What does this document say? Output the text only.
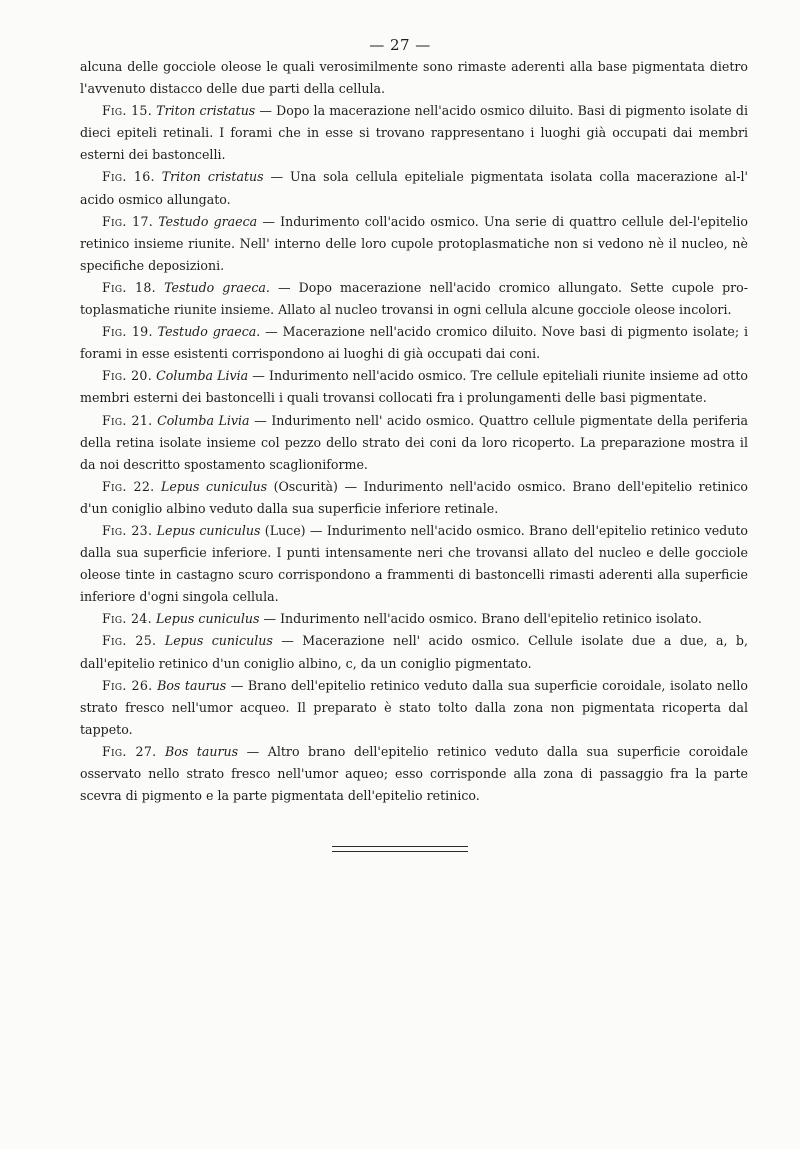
— 27 —

alcuna delle gocciole oleose le quali verosimilmente sono rimaste aderenti alla base pigmentata dietro l'avvenuto distacco delle due parti della cellula.

Fig. 15. Triton cristatus — Dopo la macerazione nell'acido osmico diluito. Basi di pigmento isolate di dieci epiteli retinali. I forami che in esse si trovano rappresentano i luoghi già occupati dai membri esterni dei bastoncelli.

Fig. 16. Triton cristatus — Una sola cellula epiteliale pigmentata isolata colla macerazione al-l' acido osmico allungato.

Fig. 17. Testudo graeca — Indurimento coll'acido osmico. Una serie di quattro cellule del-l'epitelio retinico insieme riunite. Nell' interno delle loro cupole protoplasmatiche non si vedono nè il nucleo, nè specifiche deposizioni.

Fig. 18. Testudo graeca. — Dopo macerazione nell'acido cromico allungato. Sette cupole pro-toplasmatiche riunite insieme. Allato al nucleo trovansi in ogni cellula alcune gocciole oleose incolori.

Fig. 19. Testudo graeca. — Macerazione nell'acido cromico diluito. Nove basi di pigmento isolate; i forami in esse esistenti corrispondono ai luoghi di già occupati dai coni.

Fig. 20. Columba Livia — Indurimento nell'acido osmico. Tre cellule epiteliali riunite insieme ad otto membri esterni dei bastoncelli i quali trovansi collocati fra i prolungamenti delle basi pigmentate.

Fig. 21. Columba Livia — Indurimento nell' acido osmico. Quattro cellule pigmentate della periferia della retina isolate insieme col pezzo dello strato dei coni da loro ricoperto. La preparazione mostra il da noi descritto spostamento scaglioniforme.

Fig. 22. Lepus cuniculus (Oscurità) — Indurimento nell'acido osmico. Brano dell'epitelio retinico d'un coniglio albino veduto dalla sua superficie inferiore retinale.

Fig. 23. Lepus cuniculus (Luce) — Indurimento nell'acido osmico. Brano dell'epitelio retinico veduto dalla sua superficie inferiore. I punti intensamente neri che trovansi allato del nucleo e delle gocciole oleose tinte in castagno scuro corrispondono a frammenti di bastoncelli rimasti aderenti alla superficie inferiore d'ogni singola cellula.

Fig. 24. Lepus cuniculus — Indurimento nell'acido osmico. Brano dell'epitelio retinico isolato.

Fig. 25. Lepus cuniculus — Macerazione nell' acido osmico. Cellule isolate due a due, a, b, dall'epitelio retinico d'un coniglio albino, c, da un coniglio pigmentato.

Fig. 26. Bos taurus — Brano dell'epitelio retinico veduto dalla sua superficie coroidale, isolato nello strato fresco nell'umor acqueo. Il preparato è stato tolto dalla zona non pigmentata ricoperta dal tappeto.

Fig. 27. Bos taurus — Altro brano dell'epitelio retinico veduto dalla sua superficie coroidale osservato nello strato fresco nell'umor aqueo; esso corrisponde alla zona di passaggio fra la parte scevra di pigmento e la parte pigmentata dell'epitelio retinico.
